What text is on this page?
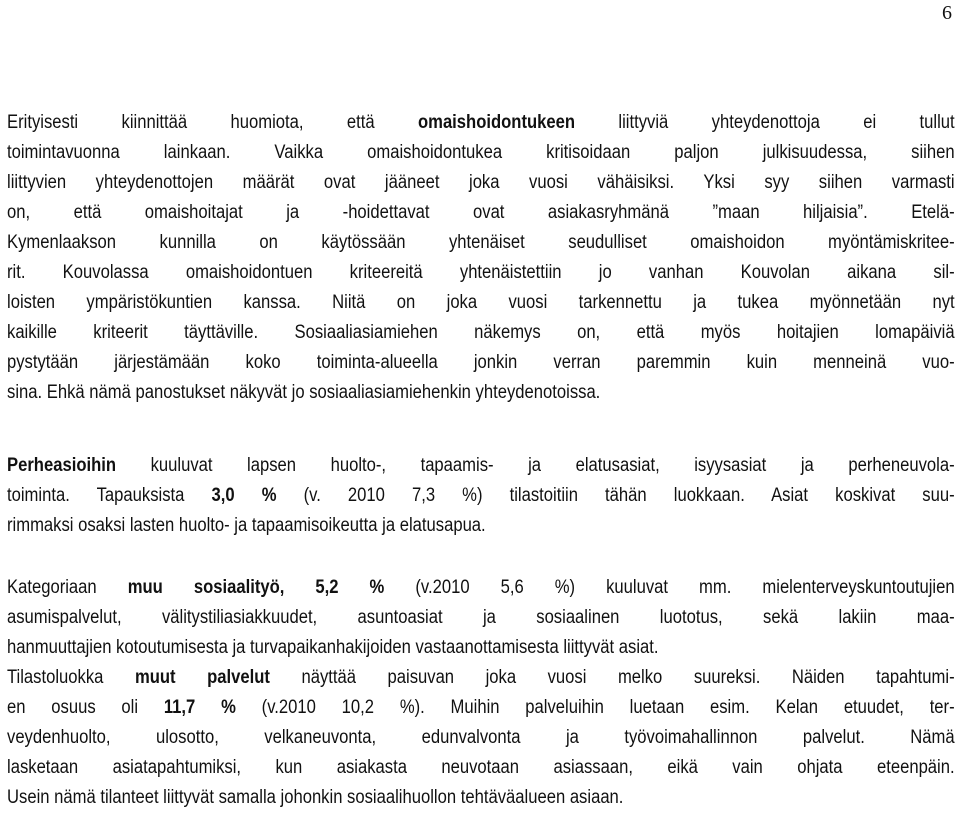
6
Erityisesti kiinnittää huomiota, että omaishoidontukeen liittyviä yhteydenottoja ei tullut
toimintavuonna lainkaan. Vaikka omaishoidontukea kritisoidaan paljon julkisuudessa, siihen
liittyvien yhteydenottojen määrät ovat jääneet joka vuosi vähäisiksi. Yksi syy siihen varmasti
on, että omaishoitajat ja -hoidettavat ovat asiakasryhmänä ”maan hiljaisia”. Etelä-
Kymenlaakson kunnilla on käytössään yhtenäiset seudulliset omaishoidon myöntämiskritee-
rit. Kouvolassa omaishoidontuen kriteereitä yhtenäistettiin jo vanhan Kouvolan aikana sil-
loisten ympäristökuntien kanssa. Niitä on joka vuosi tarkennettu ja tukea myönnetään nyt
kaikille kriteerit täyttäville. Sosiaaliasiamiehen näkemys on, että myös hoitajien lomapäiviä
pystytään järjestämään koko toiminta-alueella jonkin verran paremmin kuin menneinä vuo-
sina. Ehkä nämä panostukset näkyvät jo sosiaaliasiamiehenkin yhteydenotoissa.
Perheasioihin kuuluvat lapsen huolto-, tapaamis- ja elatusasiat, isyysasiat ja perheneuvola-
toiminta. Tapauksista 3,0 % (v. 2010 7,3 %) tilastoitiin tähän luokkaan. Asiat koskivat suu-
rimmaksi osaksi lasten huolto- ja tapaamisoikeutta ja elatusapua.
Kategoriaan muu sosiaalityö, 5,2 % (v.2010 5,6 %) kuuluvat mm. mielenterveyskuntoutujien
asumispalvelut, välitystiliasiakkuudet, asuntoasiat ja sosiaalinen luototus, sekä lakiin maa-
hanmuuttajien kotoutumisesta ja turvapaikanhakijoiden vastaanottamisesta liittyvät asiat.
Tilastoluokka muut palvelut näyttää paisuvan joka vuosi melko suureksi. Näiden tapahtumi-
en osuus oli 11,7 % (v.2010 10,2 %). Muihin palveluihin luetaan esim. Kelan etuudet, ter-
veydenhuolto, ulosotto, velkaneuvonta, edunvalvonta ja työvoimahallinnon palvelut. Nämä
lasketaan asiatapahtumiksi, kun asiakasta neuvotaan asiassaan, eikä vain ohjata eteenpäin.
Usein nämä tilanteet liittyvät samalla johonkin sosiaalihuollon tehtäväalueen asiaan.
